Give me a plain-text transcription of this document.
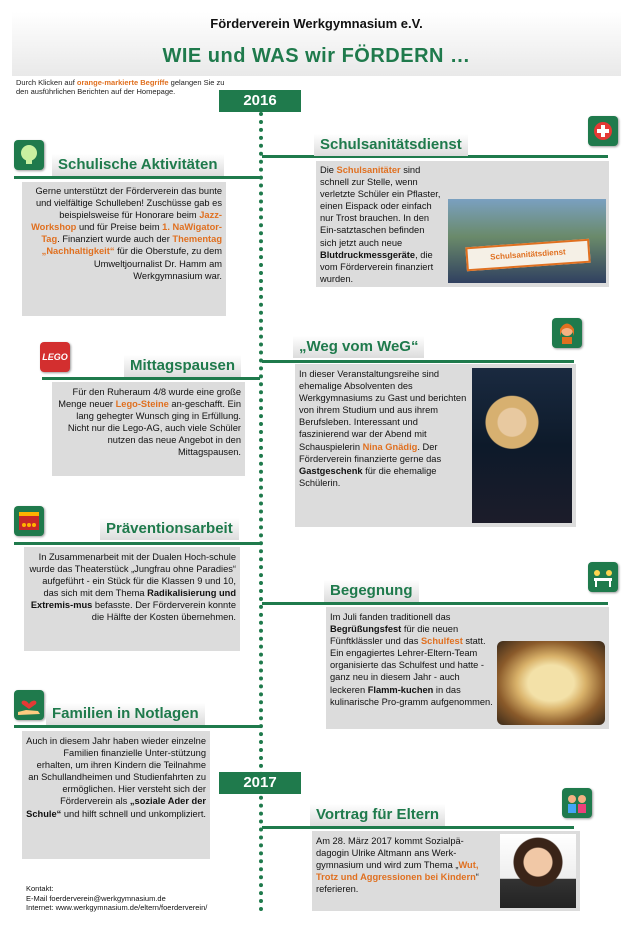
Förderverein Werkgymnasium e.V.
WIE und WAS wir FÖRDERN …
Durch Klicken auf orange-markierte Begriffe gelangen Sie zu den ausführlichen Berichten auf der Homepage.
2016
2017
Schulische Aktivitäten
Gerne unterstützt der Förderverein das bunte und vielfältige Schulleben! Zuschüsse gab es beispielsweise für Honorare beim Jazz-Workshop und für Preise beim 1. NaWigator-Tag. Finanziert wurde auch der Thementag „Nachhaltigkeit“ für die Oberstufe, zu dem Umweltjournalist Dr. Hamm am Werkgymnasium war.
Schulsanitätsdienst
Die Schulsanitäter sind schnell zur Stelle, wenn verletzte Schüler ein Pflaster, einen Eispack oder einfach nur Trost brauchen. In den Ein-satztaschen befinden sich jetzt auch neue Blutdruckmessgeräte, die vom Förderverein finanziert wurden.
Schulsanitätsdienst
LEGO	Mittagspausen
Für den Ruheraum 4/8 wurde eine große Menge neuer Lego-Steine an-geschafft. Ein lang gehegter Wunsch ging in Erfüllung. Nicht nur die Lego-AG, auch viele Schüler nutzen das neue Angebot in den Mittagspausen.
„Weg vom WeG“
In dieser Veranstaltungsreihe sind ehemalige Absolventen des Werkgymnasiums zu Gast und berichten von ihrem Studium und aus ihrem Berufsleben. Interessant und faszinierend war der Abend mit Schauspielerin Nina Gnädig. Der Förderverein finanzierte gerne das Gastgeschenk für die ehemalige Schülerin.
Präventionsarbeit
In Zusammenarbeit mit der Dualen Hoch-schule wurde das Theaterstück „Jungfrau ohne Paradies“ aufgeführt - ein Stück für die Klassen 9 und 10, das sich mit dem Thema Radikalisierung und Extremis-mus befasste. Der Förderverein konnte die Hälfte der Kosten übernehmen.
Begegnung
Im Juli fanden traditionell das Begrüßungsfest für die neuen Fünftklässler und das Schulfest statt. Ein engagiertes Lehrer-Eltern-Team organisierte das Schulfest und hatte - ganz neu in diesem Jahr - auch leckeren Flamm-kuchen in das kulinarische Pro-gramm aufgenommen.
Familien in Notlagen
Auch in diesem Jahr haben wieder einzelne Familien finanzielle Unter-stützung erhalten, um ihren Kindern die Teilnahme an Schullandheimen und Studienfahrten zu ermöglichen. Hier versteht sich der Förderverein als „soziale Ader der Schule“ und hilft schnell und unkompliziert.	Vortrag für Eltern
Am 28. März 2017 kommt Sozialpä-dagogin Ulrike Altmann ans Werk-gymnasium und wird zum Thema „Wut, Trotz und Aggressionen bei Kindern“ referieren.
Kontakt:
E-Mail foerderverein@werkgymnasium.de
Internet: www.werkgymnasium.de/eltern/foerderverein/
